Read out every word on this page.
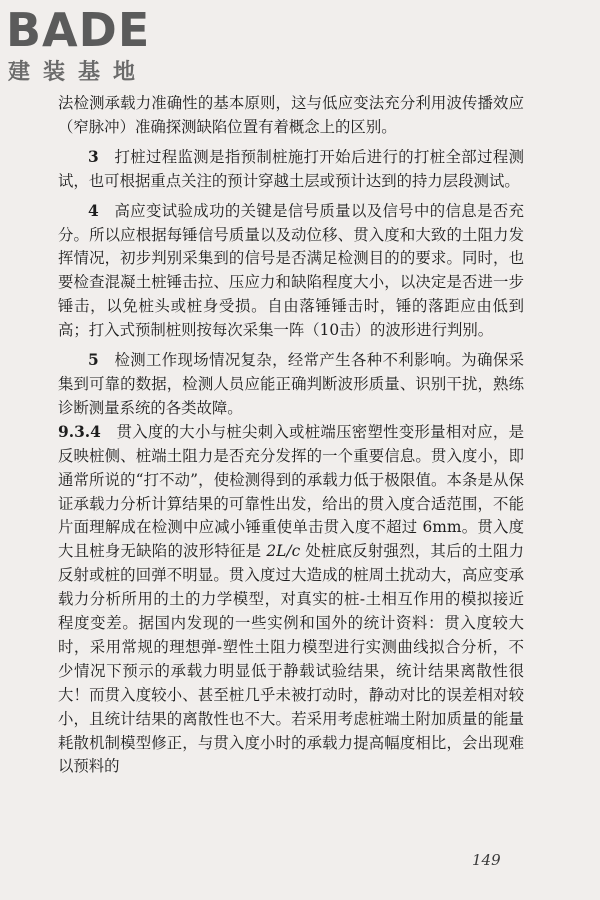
BADE
建装基地

法检测承载力准确性的基本原则，这与低应变法充分利用波传播效应（窄脉冲）准确探测缺陷位置有着概念上的区别。

3  打桩过程监测是指预制桩施打开始后进行的打桩全部过程测试，也可根据重点关注的预计穿越土层或预计达到的持力层段测试。

4  高应变试验成功的关键是信号质量以及信号中的信息是否充分。所以应根据每锤信号质量以及动位移、贯入度和大致的土阻力发挥情况，初步判别采集到的信号是否满足检测目的的要求。同时，也要检查混凝土桩锤击拉、压应力和缺陷程度大小，以决定是否进一步锤击，以免桩头或桩身受损。自由落锤锤击时，锤的落距应由低到高；打入式预制桩则按每次采集一阵（10击）的波形进行判别。

5  检测工作现场情况复杂，经常产生各种不利影响。为确保采集到可靠的数据，检测人员应能正确判断波形质量、识别干扰，熟练诊断测量系统的各类故障。

9.3.4  贯入度的大小与桩尖刺入或桩端压密塑性变形量相对应，是反映桩侧、桩端土阻力是否充分发挥的一个重要信息。贯入度小，即通常所说的“打不动”，使检测得到的承载力低于极限值。本条是从保证承载力分析计算结果的可靠性出发，给出的贯入度合适范围，不能片面理解成在检测中应减小锤重使单击贯入度不超过 6mm。贯入度大且桩身无缺陷的波形特征是 2L/c 处桩底反射强烈，其后的土阻力反射或桩的回弹不明显。贯入度过大造成的桩周土扰动大，高应变承载力分析所用的土的力学模型，对真实的桩-土相互作用的模拟接近程度变差。据国内发现的一些实例和国外的统计资料：贯入度较大时，采用常规的理想弹-塑性土阻力模型进行实测曲线拟合分析，不少情况下预示的承载力明显低于静载试验结果，统计结果离散性很大！而贯入度较小、甚至桩几乎未被打动时，静动对比的误差相对较小，且统计结果的离散性也不大。若采用考虑桩端土附加质量的能量耗散机制模型修正，与贯入度小时的承载力提高幅度相比，会出现难以预料的

149
